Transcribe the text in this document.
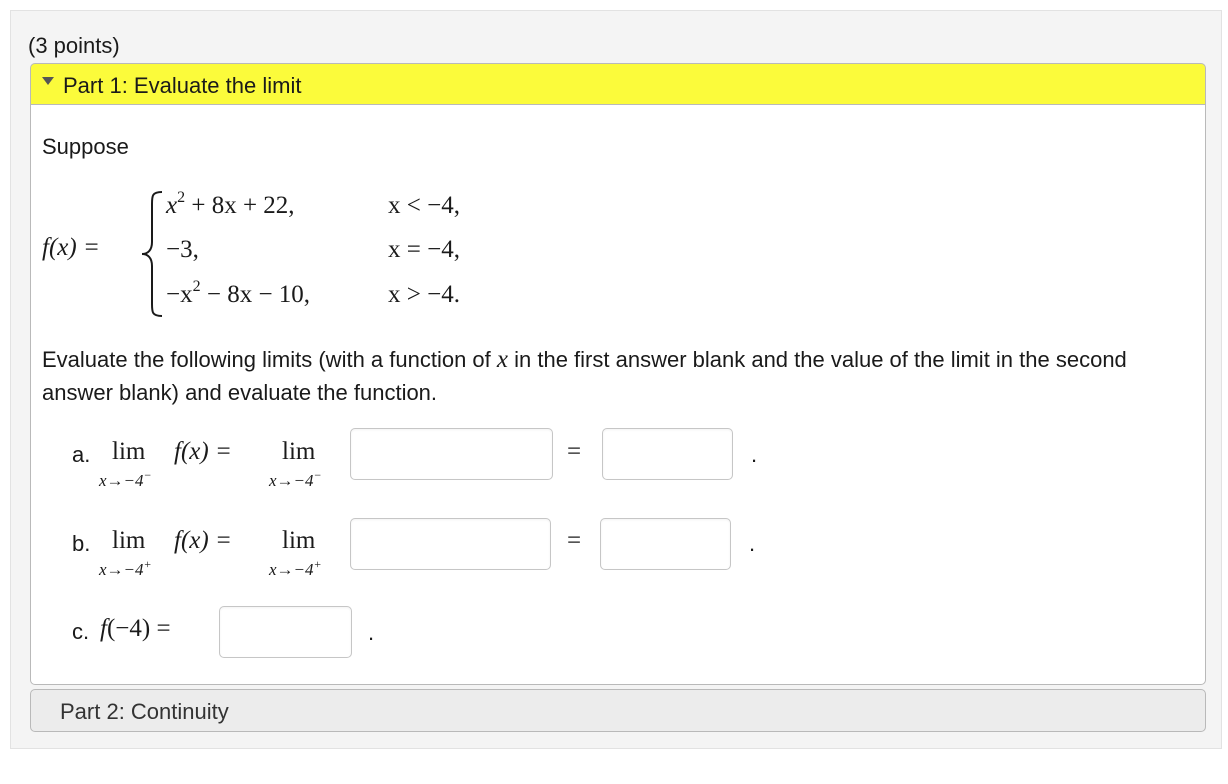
(3 points)
Part 1: Evaluate the limit
Suppose
f(x) =
$x^2 + 8x + 22$,	x < −4,
−3,	x = −4,
$-x^2 - 8x - 10$,	x > −4.
Evaluate the following limits (with a function of x in the first answer blank and the value of the limit in the second answer blank) and evaluate the function.
a. lim
x→−4−
f(x) = lim
x→−4−
=	.
b. lim
x→−4+
f(x) = lim
x→−4+
=	.
c. f(−4) =	.
Part 2: Continuity
